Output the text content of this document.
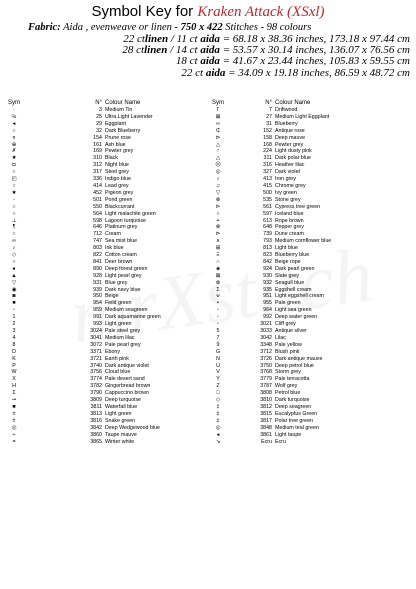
Symbol Key for Kraken Attack (XSxl)
Fabric: Aida , evenweave or linen - 750 x 422 Stitches - 98 colours
22 ctlinen / 11 ct aida = 68.18 x 38.36 inches, 173.18 x 97.44 cm
28 ctlinen / 14 ct aida = 53.57 x 30.14 inches, 136.07 x 76.56 cm
18 ct aida = 41.67 x 23.44 inches, 105.83 x 59.55 cm
22 ct aida = 34.09 x 19.18 inches, 86.59 x 48.72 cm
Sym	N° Colour Name
·	3 Medium Tin
℅	25 Ultra Light Lavender
◂	29 Eggplant
○	32 Dark Blueberry
¤	154 Prune rose
⊕	161 Ash blue
✗	169 Pewter grey
★	310 Black
◘	312 Night blue
○	317 Steel grey
◰	336 Indigo blue
○	414 Lead grey
★	452 Pigeon grey
◦	501 Pond green
○	550 Blackcurrant
○	564 Light malachite green
⊥	598 Lagoon turquoise
¶	646 Platinum grey
○	712 Cream
∞	747 Sea mist blue
♪	803 Ink blue
◇	822 Cotton cream
○	841 Deer brown
●	890 Deep forest green
▲	928 Light pearl grey
▽	931 Blue grey
◉	939 Dark navy blue
◙	950 Beige
■	954 Field green
▫	959 Medium seagreen
1	991 Dark aquamarine green
2	993 Light green
3	3024 Pale steel grey
4	3041 Medium lilac
8	3072 Pale pearl grey
D	3371 Ebony
K	3721 Earth pink
P	3740 Dark antique violet
W	3756 Cloud blue
X	3774 Pale desert sand
H	3782 Gingerbread brown
Σ	3790 Cappuccino brown
⊸	3809 Deep turquoise
■	3811 Waterfall blue
±	3813 Light green
±	3816 Snake green
◎	3842 Deep Wedgewood blue
÷	3860 Taupe mauve
=	3865 Winter white
Sym	N° Colour Name
Γ	7 Driftwood
⊠	27 Medium Light Eggplant
∞	31 Blueberry
₵	152 Antique rose
⊳	158 Deep mauve
△	168 Pewter grey
♂	224 Light dusty pink
△	311 Dark polar blue
☹	316 Heather lilac
◎	327 Dark violet
♪	413 Iron grey
♫	415 Chrome grey
▽	500 Ivy green
⊗	535 Stone grey
⊳	561 Cypress tree green
○	597 Iceland blue
+	613 Rope brown
⊗	648 Pepper grey
⊳	739 Dune cream
∧	793 Medium cornflower blue
⊞	813 Light blue
Ξ	823 Blueberry blue
∩	842 Beige rope
◈	924 Dark pearl green
⊠	930 Slate grey
⊗	932 Seagull blue
Σ	935 Eggshell cream
⊌	951 Light eggshell cream
▪	955 Pale green
▫	964 Light sea green
▫	992 Deep water green
▫	3021 Cliff grey
5	3033 Antique silver
7	3042 Lilac
9	3348 Pale yellow
G	3712 Blush pink
N	3726 Dark antique mauve
U	3750 Deep petrol blue
V	3768 Storm grey
Y	3779 Pale terracotta
Z	3787 Wolf grey
□	3808 Petrol blue
◇	3810 Dark turquoise
‡	3812 Deep seagreen
‡	3815 Eucalyptus Green
‡	3817 Polar tree green
◎	3848 Medium teal green
◂	3861 Light taupe
↘	Ecru Ecru
